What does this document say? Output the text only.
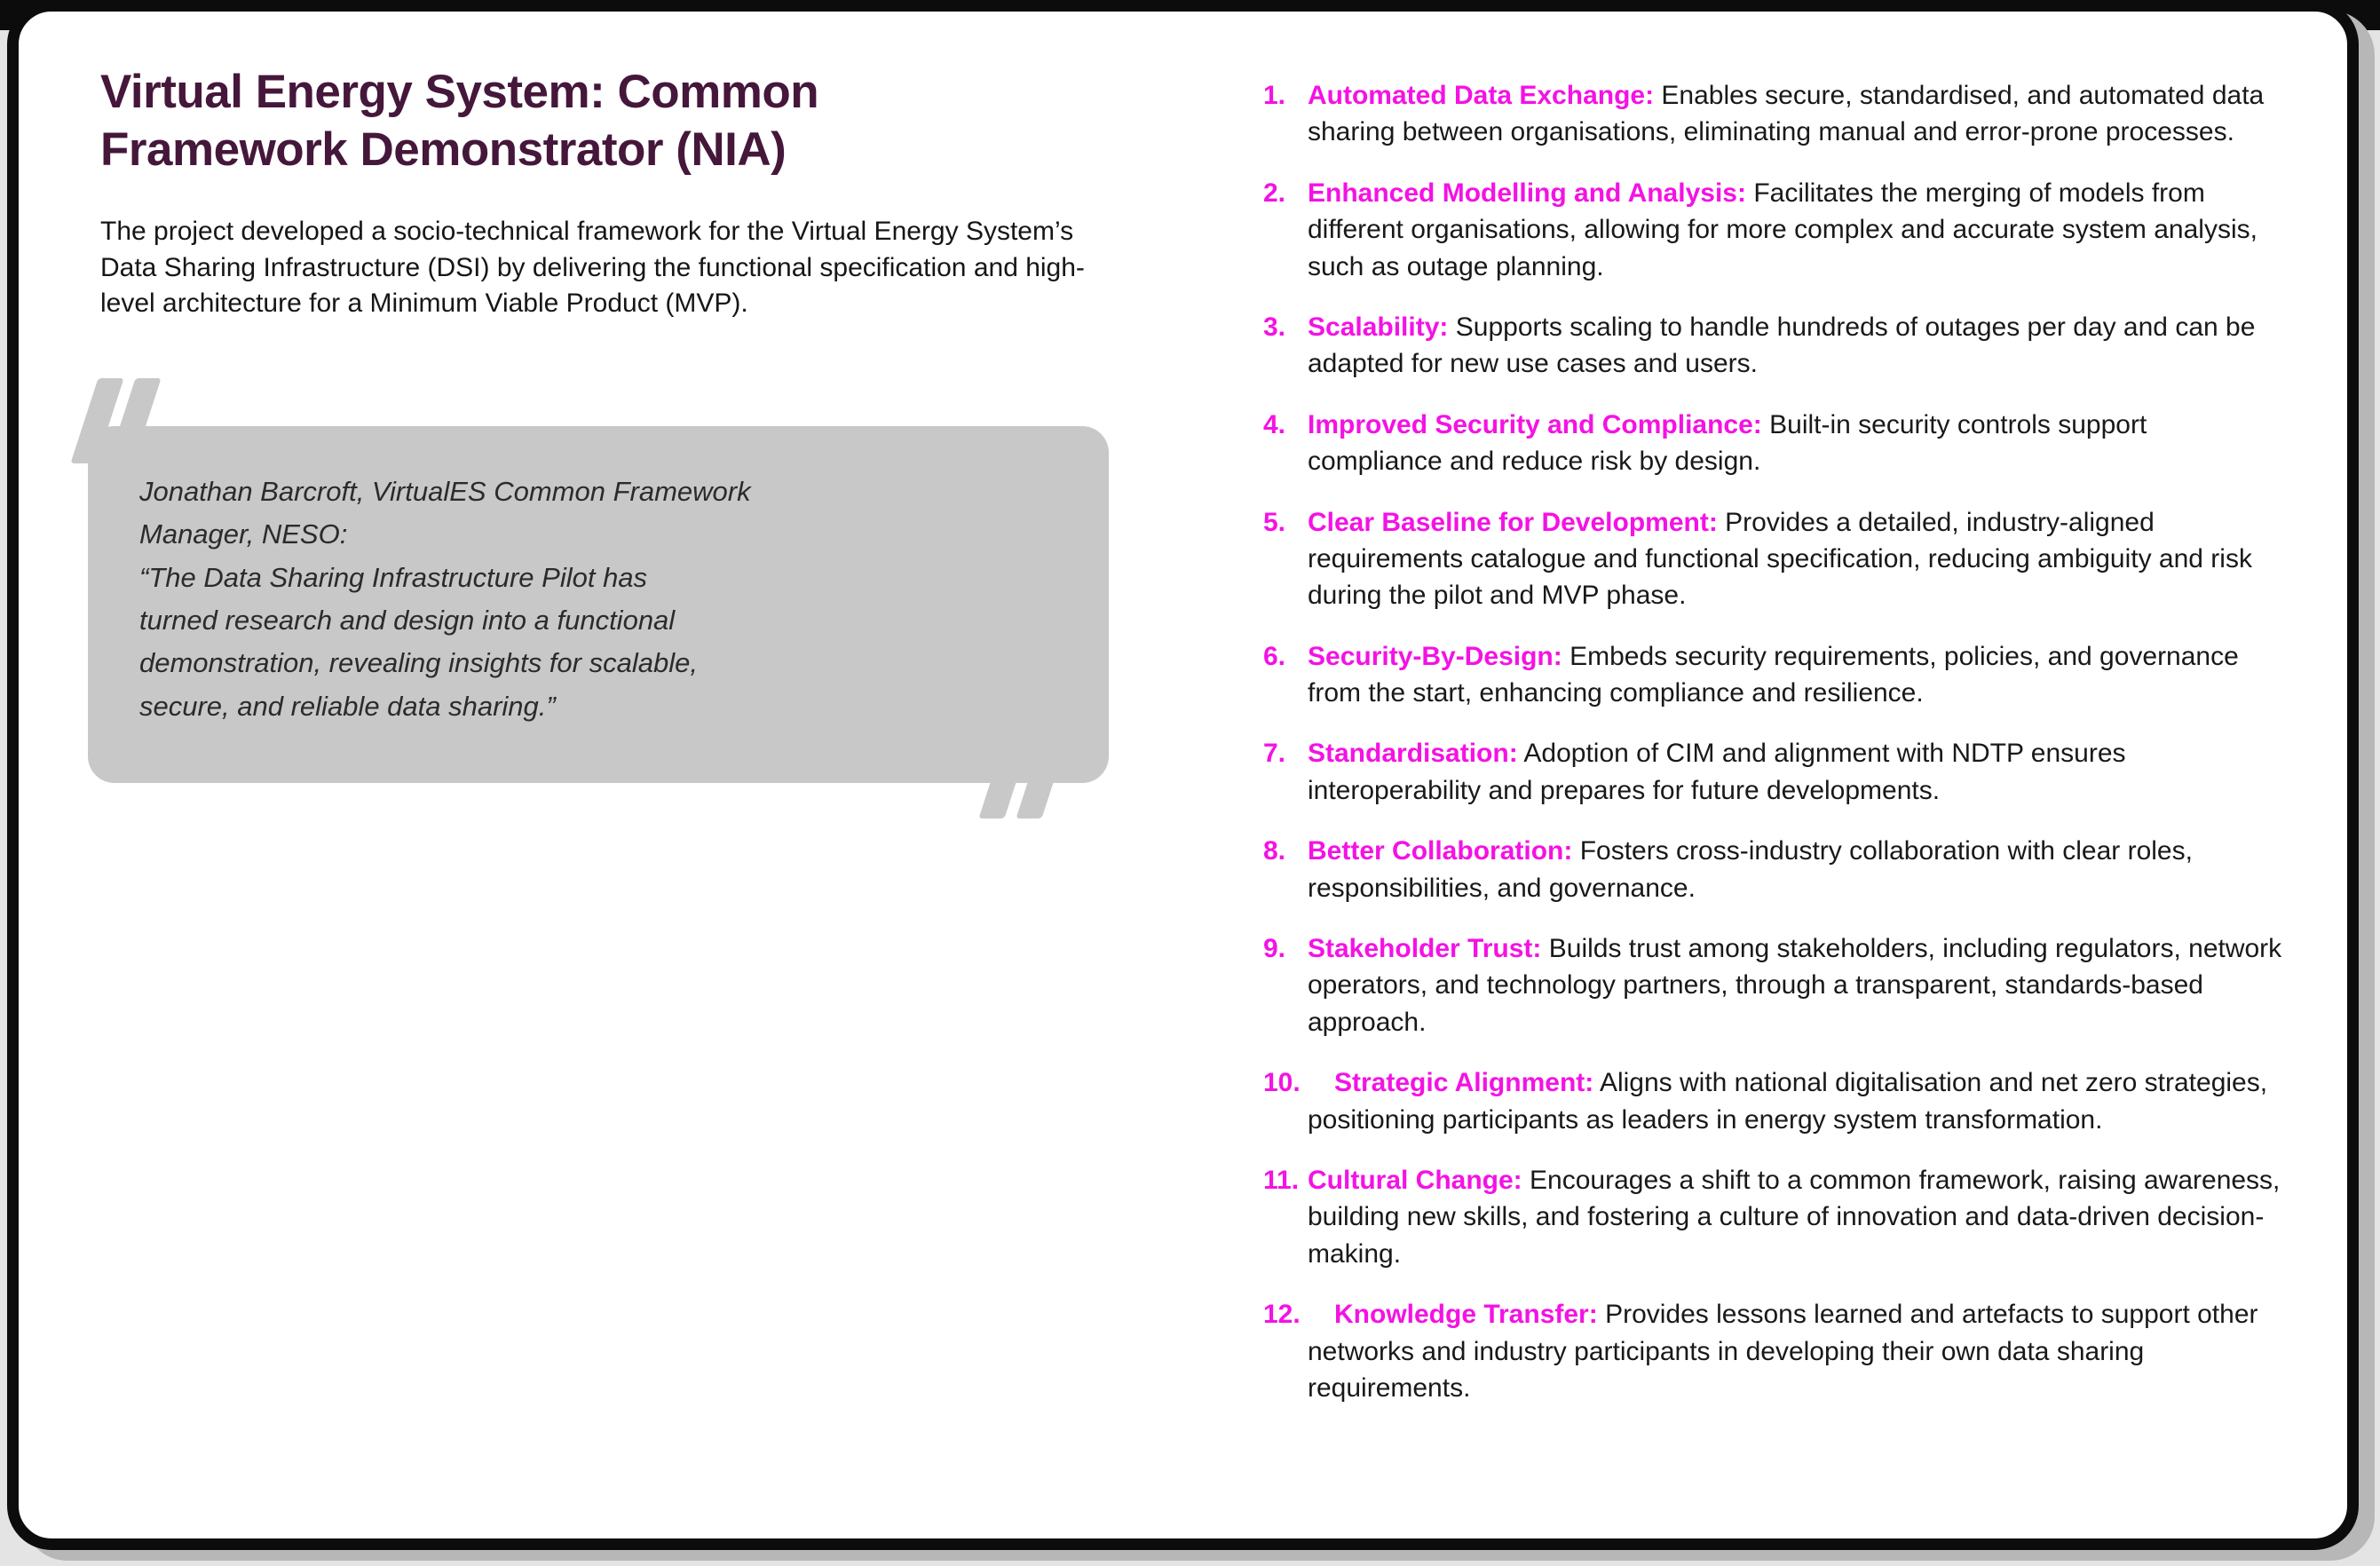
Virtual Energy System: Common Framework Demonstrator (NIA)

The project developed a socio-technical framework for the Virtual Energy System’s Data Sharing Infrastructure (DSI) by delivering the functional specification and high-level architecture for a Minimum Viable Product (MVP).

Jonathan Barcroft, VirtualES Common Framework
Manager, NESO:
“The Data Sharing Infrastructure Pilot has
turned research and design into a functional
demonstration, revealing insights for scalable,
secure, and reliable data sharing.”
1. Automated Data Exchange: Enables secure, standardised, and automated data sharing between organisations, eliminating manual and error-prone processes.
2. Enhanced Modelling and Analysis: Facilitates the merging of models from different organisations, allowing for more complex and accurate system analysis, such as outage planning.
3. Scalability: Supports scaling to handle hundreds of outages per day and can be adapted for new use cases and users.
4. Improved Security and Compliance: Built-in security controls support compliance and reduce risk by design.
5. Clear Baseline for Development: Provides a detailed, industry-aligned requirements catalogue and functional specification, reducing ambiguity and risk during the pilot and MVP phase.
6. Security-By-Design: Embeds security requirements, policies, and governance from the start, enhancing compliance and resilience.
7. Standardisation: Adoption of CIM and alignment with NDTP ensures interoperability and prepares for future developments.
8. Better Collaboration: Fosters cross-industry collaboration with clear roles, responsibilities, and governance.
9. Stakeholder Trust: Builds trust among stakeholders, including regulators, network operators, and technology partners, through a transparent, standards-based approach.
10. Strategic Alignment: Aligns with national digitalisation and net zero strategies, positioning participants as leaders in energy system transformation.
11. Cultural Change: Encourages a shift to a common framework, raising awareness, building new skills, and fostering a culture of innovation and data-driven decision-making.
12. Knowledge Transfer: Provides lessons learned and artefacts to support other networks and industry participants in developing their own data sharing requirements.
